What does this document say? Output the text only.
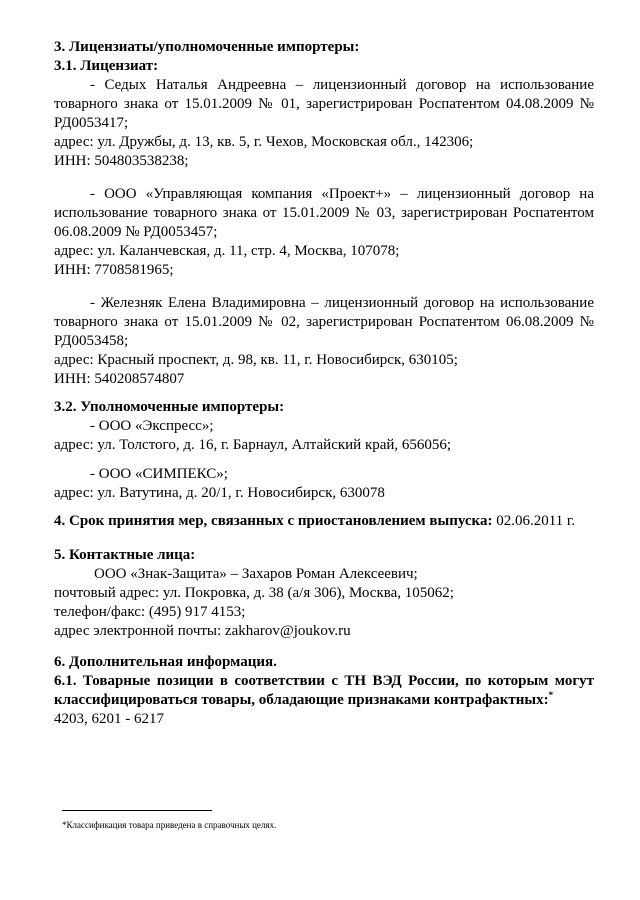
3. Лицензиаты/уполномоченные импортеры:
3.1. Лицензиат:
- Седых Наталья Андреевна – лицензионный договор на использование товарного знака от 15.01.2009 № 01, зарегистрирован Роспатентом 04.08.2009 № РД0053417;
адрес: ул. Дружбы, д. 13, кв. 5, г. Чехов, Московская обл., 142306;
ИНН: 504803538238;
- ООО «Управляющая компания «Проект+» – лицензионный договор на использование товарного знака от 15.01.2009 № 03, зарегистрирован Роспатентом 06.08.2009 № РД0053457;
адрес: ул. Каланчевская, д. 11, стр. 4, Москва, 107078;
ИНН: 7708581965;
- Железняк Елена Владимировна – лицензионный договор на использование товарного знака от 15.01.2009 № 02, зарегистрирован Роспатентом 06.08.2009 № РД0053458;
адрес: Красный проспект, д. 98, кв. 11, г. Новосибирск, 630105;
ИНН: 540208574807
3.2. Уполномоченные импортеры:
- ООО «Экспресс»;
адрес: ул. Толстого, д. 16, г. Барнаул, Алтайский край, 656056;
- ООО «СИМПЕКС»;
адрес: ул. Ватутина, д. 20/1, г. Новосибирск, 630078
4. Срок принятия мер, связанных с приостановлением выпуска: 02.06.2011 г.
5. Контактные лица:
ООО «Знак-Защита» – Захаров Роман Алексеевич;
почтовый адрес: ул. Покровка, д. 38 (а/я 306), Москва, 105062;
телефон/факс: (495) 917 4153;
адрес электронной почты: zakharov@joukov.ru
6. Дополнительная информация.
6.1. Товарные позиции в соответствии с ТН ВЭД России, по которым могут классифицироваться товары, обладающие признаками контрафактных:*
4203, 6201 - 6217
*Классификация товара приведена в справочных целях.
